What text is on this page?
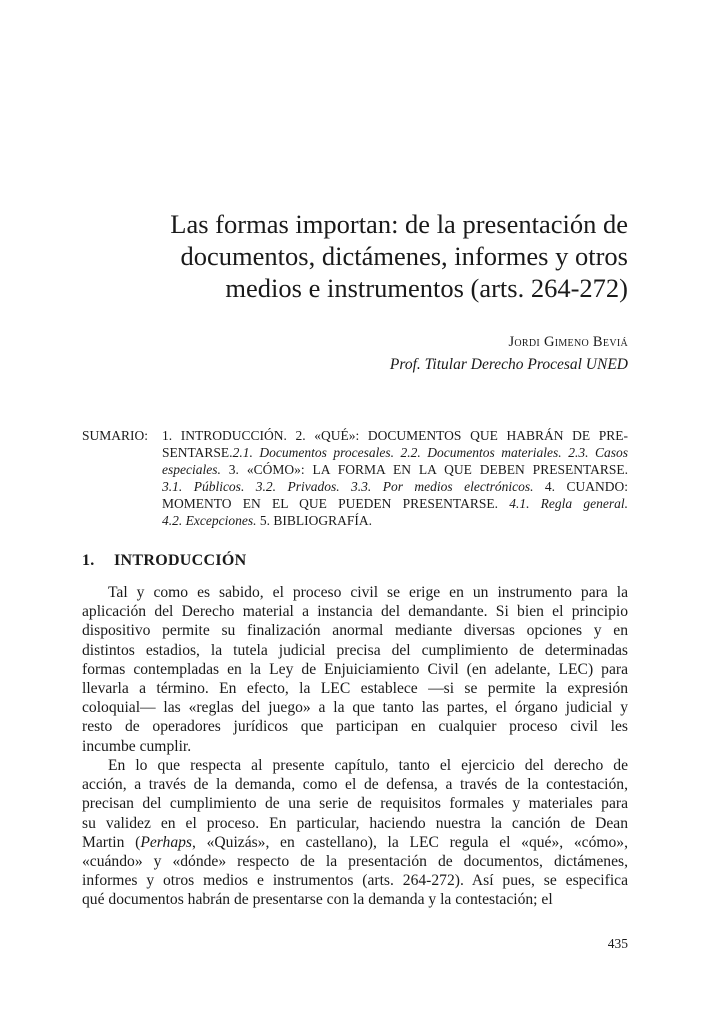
Las formas importan: de la presentación de
documentos, dictámenes, informes y otros
medios e instrumentos (arts. 264-272)
Jordi Gimeno Beviá
Prof. Titular Derecho Procesal UNED
SUMARIO: 1. INTRODUCCIÓN. 2. «QUÉ»: DOCUMENTOS QUE HABRÁN DE PRE-
SENTARSE.2.1. Documentos procesales. 2.2. Documentos materiales. 2.3. Casos
especiales. 3. «CÓMO»: LA FORMA EN LA QUE DEBEN PRESENTARSE.
3.1. Públicos. 3.2. Privados. 3.3. Por medios electrónicos. 4. CUANDO:
MOMENTO EN EL QUE PUEDEN PRESENTARSE. 4.1. Regla general.
4.2. Excepciones. 5. BIBLIOGRAFÍA.
1. INTRODUCCIÓN
Tal y como es sabido, el proceso civil se erige en un instrumento para la
aplicación del Derecho material a instancia del demandante. Si bien el principio
dispositivo permite su finalización anormal mediante diversas opciones y en
distintos estadios, la tutela judicial precisa del cumplimiento de determinadas
formas contempladas en la Ley de Enjuiciamiento Civil (en adelante, LEC) para
llevarla a término. En efecto, la LEC establece —si se permite la expresión
coloquial— las «reglas del juego» a la que tanto las partes, el órgano judicial y
resto de operadores jurídicos que participan en cualquier proceso civil les
incumbe cumplir.
En lo que respecta al presente capítulo, tanto el ejercicio del derecho de
acción, a través de la demanda, como el de defensa, a través de la contestación,
precisan del cumplimiento de una serie de requisitos formales y materiales para
su validez en el proceso. En particular, haciendo nuestra la canción de Dean
Martin (Perhaps, «Quizás», en castellano), la LEC regula el «qué», «cómo»,
«cuándo» y «dónde» respecto de la presentación de documentos, dictámenes,
informes y otros medios e instrumentos (arts. 264-272). Así pues, se especifica
qué documentos habrán de presentarse con la demanda y la contestación; el
435
